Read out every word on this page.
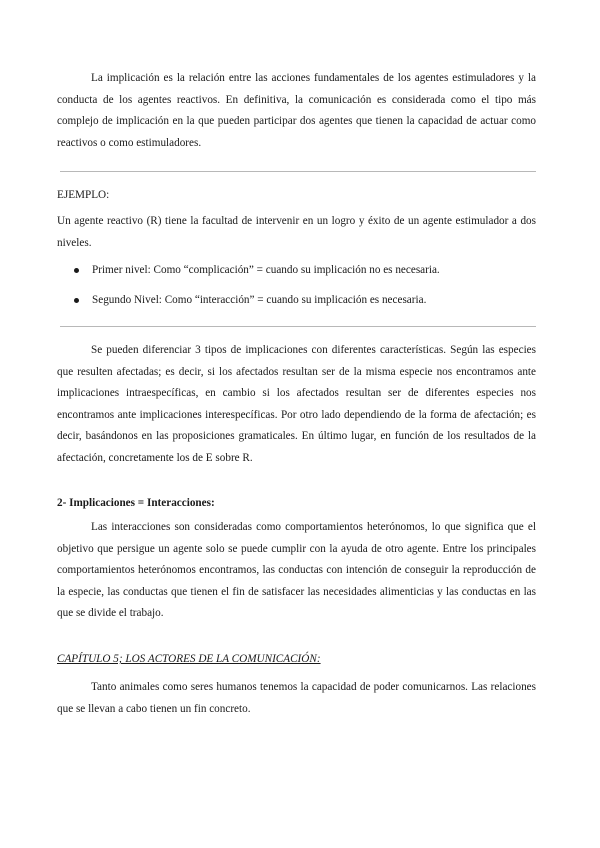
La implicación es la relación entre las acciones fundamentales de los agentes estimuladores y la conducta de los agentes reactivos. En definitiva, la comunicación es considerada como el tipo más complejo de implicación en la que pueden participar dos agentes que tienen la capacidad de actuar como reactivos o como estimuladores.

EJEMPLO:

Un agente reactivo (R) tiene la facultad de intervenir en un logro y éxito de un agente estimulador a dos niveles.

Primer nivel: Como “complicación” = cuando su implicación no es necesaria.
Segundo Nivel: Como “interacción” = cuando su implicación es necesaria.

Se pueden diferenciar 3 tipos de implicaciones con diferentes características. Según las especies que resulten afectadas; es decir, si los afectados resultan ser de la misma especie nos encontramos ante implicaciones intraespecíficas, en cambio si los afectados resultan ser de diferentes especies nos encontramos ante implicaciones interespecíficas. Por otro lado dependiendo de la forma de afectación; es decir, basándonos en las proposiciones gramaticales. En último lugar, en función de los resultados de la afectación, concretamente los de E sobre R.

2- Implicaciones = Interacciones:

Las interacciones son consideradas como comportamientos heterónomos, lo que significa que el objetivo que persigue un agente solo se puede cumplir con la ayuda de otro agente. Entre los principales comportamientos heterónomos encontramos, las conductas con intención de conseguir la reproducción de la especie, las conductas que tienen el fin de satisfacer las necesidades alimenticias y las conductas en las que se divide el trabajo.

CAPÍTULO 5; LOS ACTORES DE LA COMUNICACIÓN:

Tanto animales como seres humanos tenemos la capacidad de poder comunicarnos. Las relaciones que se llevan a cabo tienen un fin concreto.
